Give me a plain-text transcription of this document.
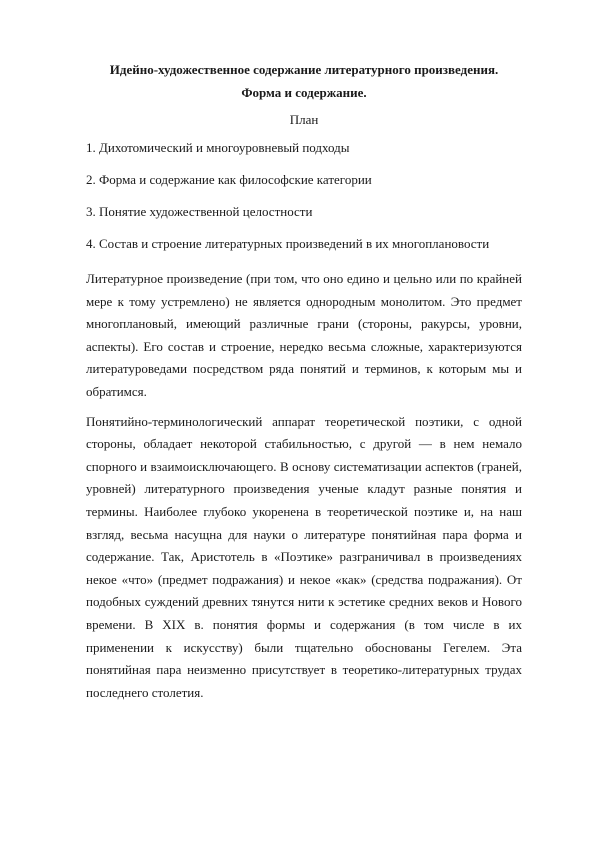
Идейно-художественное содержание литературного произведения.
Форма и содержание.
План
1. Дихотомический и многоуровневый подходы
2. Форма и содержание как философские категории
3. Понятие художественной целостности
4. Состав и строение литературных произведений в их многоплановости

Литературное произведение (при том, что оно едино и цельно или по крайней мере к тому устремлено) не является однородным монолитом. Это предмет многоплановый, имеющий различные грани (стороны, ракурсы, уровни, аспекты). Его состав и строение, нередко весьма сложные, характеризуются литературоведами посредством ряда понятий и терминов, к которым мы и обратимся.

Понятийно-терминологический аппарат теоретической поэтики, с одной стороны, обладает некоторой стабильностью, с другой — в нем немало спорного и взаимоисключающего. В основу систематизации аспектов (граней, уровней) литературного произведения ученые кладут разные понятия и термины. Наиболее глубоко укоренена в теоретической поэтике и, на наш взгляд, весьма насущна для науки о литературе понятийная пара форма и содержание. Так, Аристотель в «Поэтике» разграничивал в произведениях некое «что» (предмет подражания) и некое «как» (средства подражания). От подобных суждений древних тянутся нити к эстетике средних веков и Нового времени. В XIX в. понятия формы и содержания (в том числе в их применении к искусству) были тщательно обоснованы Гегелем. Эта понятийная пара неизменно присутствует в теоретико-литературных трудах последнего столетия.
